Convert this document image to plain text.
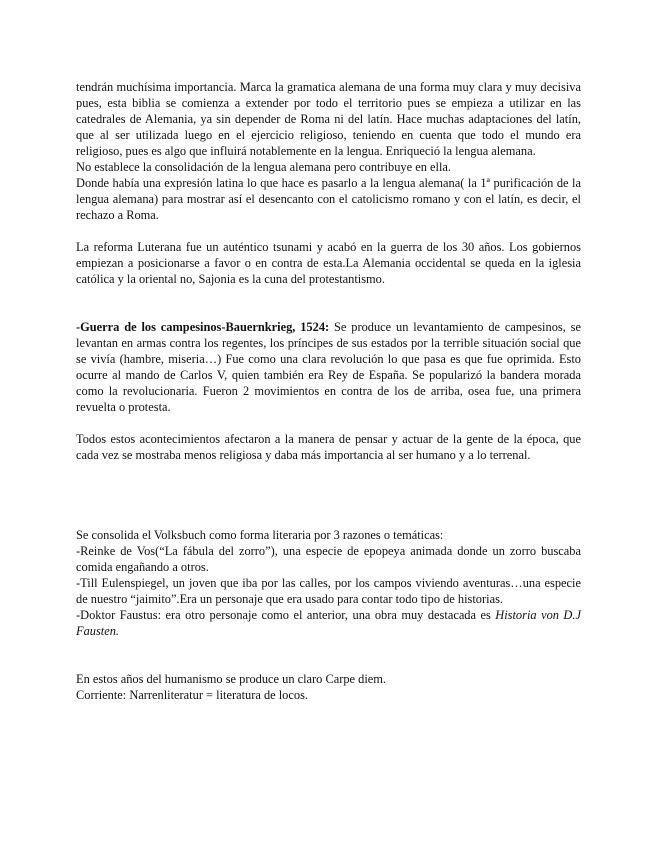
tendrán muchísima importancia. Marca la gramatica alemana de una forma muy clara y muy decisiva pues, esta biblia se comienza a extender por todo el territorio pues se empieza a utilizar en las catedrales de Alemania, ya sin depender de Roma ni del latín. Hace muchas adaptaciones del latín, que al ser utilizada luego en el ejercicio religioso, teniendo en cuenta que todo el mundo era religioso, pues es algo que influirá notablemente en la lengua. Enriqueció la lengua alemana.

No establece la consolidación de la lengua alemana pero contribuye en ella.

Donde había una expresión latina lo que hace es pasarlo a la lengua alemana( la 1ª purificación de la lengua alemana) para mostrar así el desencanto con el catolicismo romano y con el latín, es decir, el rechazo a Roma.

La reforma Luterana fue un auténtico tsunami y acabó en la guerra de los 30 años. Los gobiernos empiezan a posicionarse a favor o en contra de esta.La Alemania occidental se queda en la iglesia católica y la oriental no, Sajonia es la cuna del protestantismo.

-Guerra de los campesinos-Bauernkrieg, 1524: Se produce un levantamiento de campesinos, se levantan en armas contra los regentes, los príncipes de sus estados por la terrible situación social que se vivía (hambre, miseria…) Fue como una clara revolución lo que pasa es que fue oprimida. Esto ocurre al mando de Carlos V, quien también era Rey de España. Se popularizó la bandera morada como la revolucionaria. Fueron 2 movimientos en contra de los de arriba, osea fue, una primera revuelta o protesta.

Todos estos acontecimientos afectaron a la manera de pensar y actuar de la gente de la época, que cada vez se mostraba menos religiosa y daba más importancia al ser humano y a lo terrenal.

Se consolida el Volksbuch como forma literaria por 3 razones o temáticas:

-Reinke de Vos(“La fábula del zorro”), una especie de epopeya animada donde un zorro buscaba comida engañando a otros.

-Till Eulenspiegel, un joven que iba por las calles, por los campos viviendo aventuras…una especie de nuestro “jaimito”.Era un personaje que era usado para contar todo tipo de historias.

-Doktor Faustus: era otro personaje como el anterior, una obra muy destacada es Historia von D.J Fausten.

En estos años del humanismo se produce un claro Carpe diem.

Corriente: Narrenliteratur = literatura de locos.
